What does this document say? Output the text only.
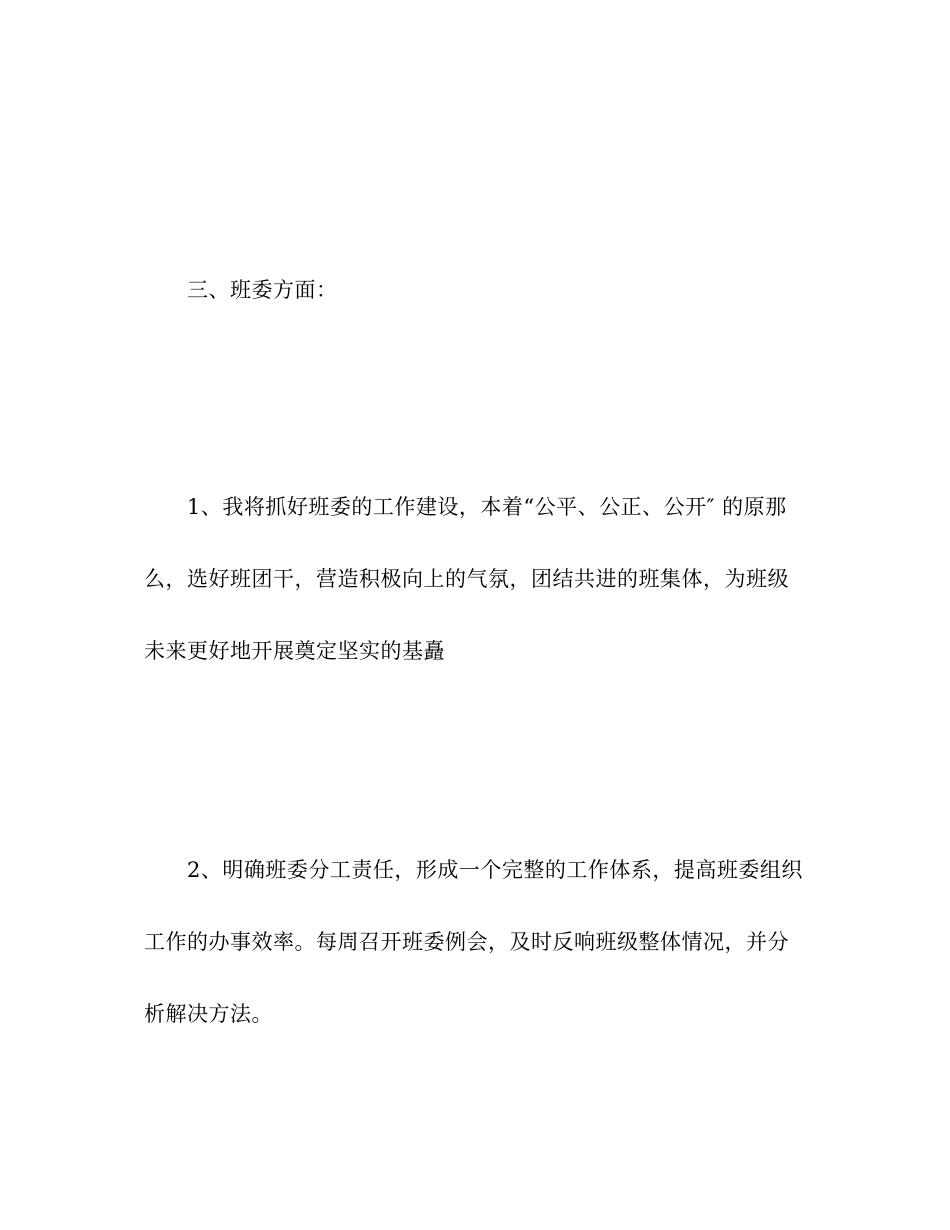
三、班委方面：
1、我将抓好班委的工作建设，本着“公平、公正、公开″ 的原那
么，选好班团干，营造积极向上的气氛，团结共进的班集体，为班级
未来更好地开展奠定坚实的基矗
2、明确班委分工责任，形成一个完整的工作体系，提高班委组织
工作的办事效率。每周召开班委例会，及时反响班级整体情况，并分
析解决方法。
